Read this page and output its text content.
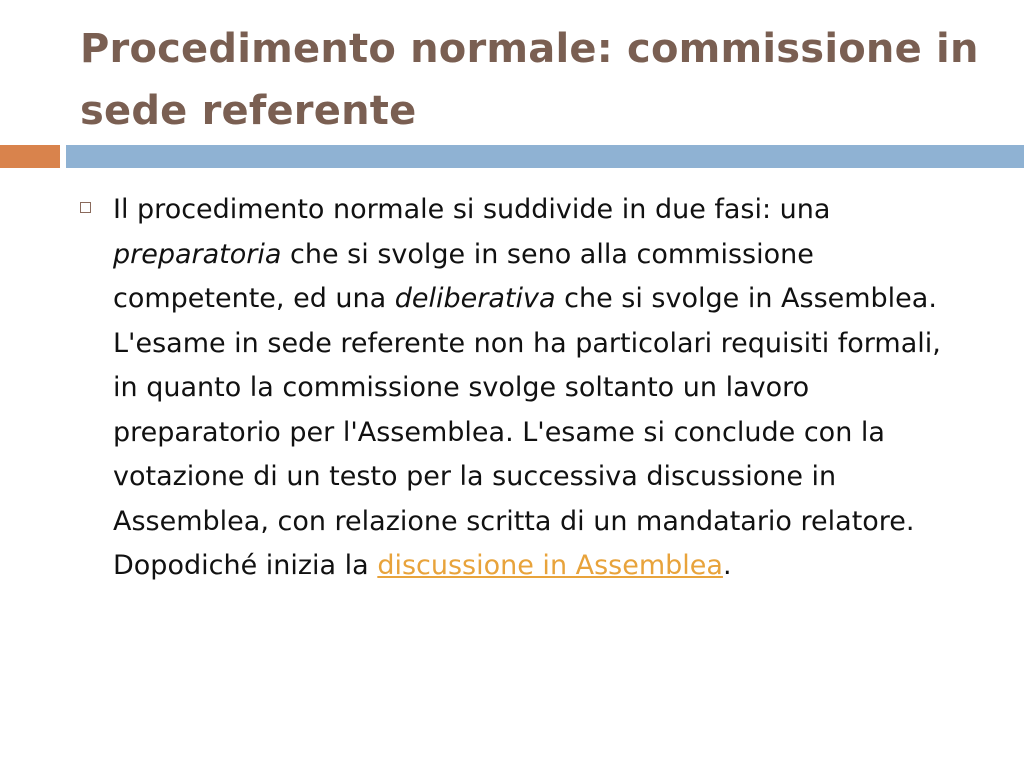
Procedimento normale: commissione in sede referente

Il procedimento normale si suddivide in due fasi: una preparatoria che si svolge in seno alla commissione competente, ed una deliberativa che si svolge in Assemblea. L'esame in sede referente non ha particolari requisiti formali, in quanto la commissione svolge soltanto un lavoro preparatorio per l'Assemblea. L'esame si conclude con la votazione di un testo per la successiva discussione in Assemblea, con relazione scritta di un mandatario relatore. Dopodiché inizia la discussione in Assemblea.
